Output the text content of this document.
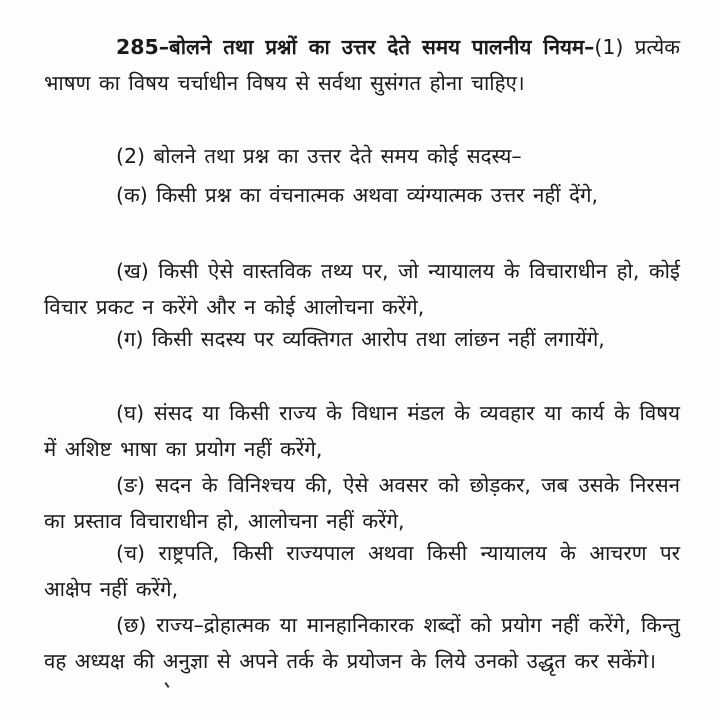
285–बोलने तथा प्रश्नों का उत्तर देते समय पालनीय नियम–(1) प्रत्येक भाषण का विषय चर्चाधीन विषय से सर्वथा सुसंगत होना चाहिए।

(2) बोलने तथा प्रश्न का उत्तर देते समय कोई सदस्य–

(क) किसी प्रश्न का वंचनात्मक अथवा व्यंग्यात्मक उत्तर नहीं देंगे,

(ख) किसी ऐसे वास्तविक तथ्य पर, जो न्यायालय के विचाराधीन हो, कोई विचार प्रकट न करेंगे और न कोई आलोचना करेंगे,

(ग) किसी सदस्य पर व्यक्तिगत आरोप तथा लांछन नहीं लगायेंगे,

(घ) संसद या किसी राज्य के विधान मंडल के व्यवहार या कार्य के विषय में अशिष्ट भाषा का प्रयोग नहीं करेंगे,

(ङ) सदन के विनिश्चय की, ऐसे अवसर को छोड़कर, जब उसके निरसन का प्रस्ताव विचाराधीन हो, आलोचना नहीं करेंगे,

(च) राष्ट्रपति, किसी राज्यपाल अथवा किसी न्यायालय के आचरण पर आक्षेप नहीं करेंगे,

(छ) राज्य–द्रोहात्मक या मानहानिकारक शब्दों को प्रयोग नहीं करेंगे, किन्तु वह अध्यक्ष की अनुज्ञा से अपने तर्क के प्रयोजन के लिये उनको उद्धृत कर सकेंगे।
